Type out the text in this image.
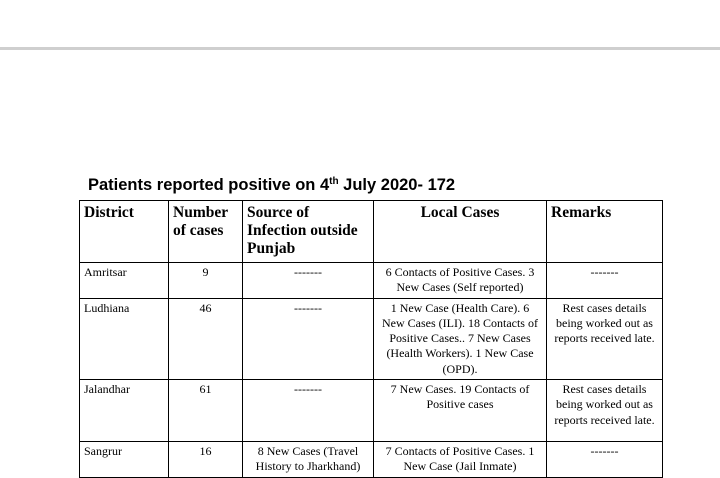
Patients reported positive on 4th July 2020- 172
District	Number of cases	Source of Infection outside Punjab	Local Cases	Remarks
Amritsar	9	-------	6 Contacts of Positive Cases. 3 New Cases (Self reported)	-------
Ludhiana	46	-------	1 New Case (Health Care). 6 New Cases (ILI). 18 Contacts of Positive Cases.. 7 New Cases (Health Workers). 1 New Case (OPD).	Rest cases details being worked out as reports received late.
Jalandhar	61	-------	7 New Cases. 19 Contacts of Positive cases	Rest cases details being worked out as reports received late.
Sangrur	16	8 New Cases (Travel History to Jharkhand)	7 Contacts of Positive Cases. 1 New Case (Jail Inmate)	-------
